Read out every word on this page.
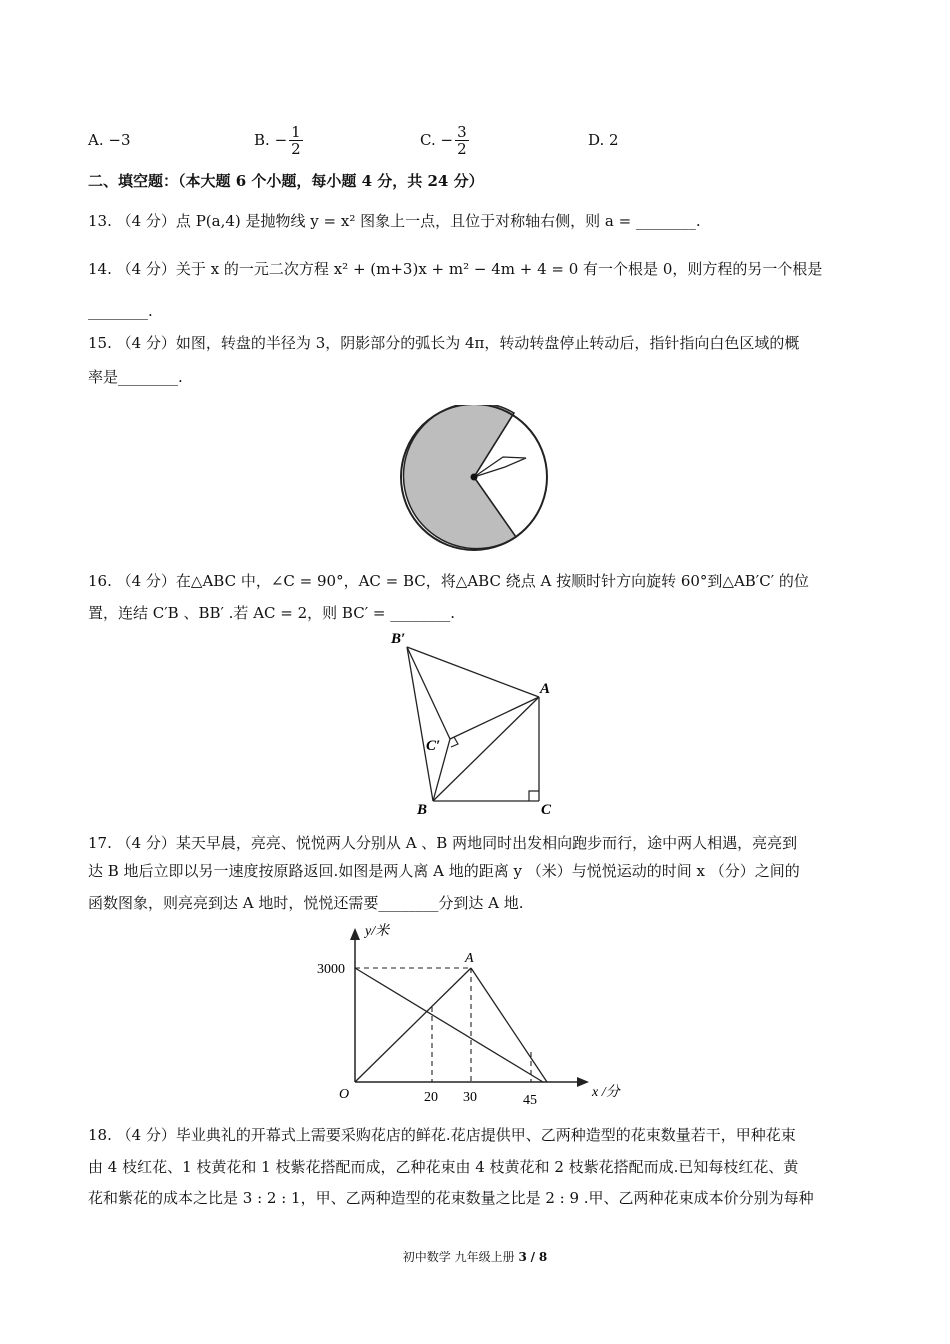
A.
− 3	B.
− $\frac{1}{2}$	C.
− $\frac{3}{2}$	D.
2
二、填空题：（本大题 6 个小题，每小题 4 分，共 24 分）
13. （4 分）点 P(a,4) 是抛物线 y = x² 图象上一点，且位于对称轴右侧，则 a = ________.
14. （4 分）关于 x 的一元二次方程 x² + (m+3)x + m² − 4m + 4 = 0 有一个根是 0，则方程的另一个根是
________.
15. （4 分）如图，转盘的半径为 3，阴影部分的弧长为 4π，转动转盘停止转动后，指针指向白色区域的概
率是________.
16. （4 分）在△ABC 中，∠C = 90°，AC = BC，将△ABC 绕点 A 按顺时针方向旋转 60°到△AB′C′ 的位
置，连结 C′B 、BB′ .若 AC = 2，则 BC′ = ________.
B′
A
C′
B	C
17. （4 分）某天早晨，亮亮、悦悦两人分别从 A 、B 两地同时出发相向跑步而行，途中两人相遇，亮亮到
达 B 地后立即以另一速度按原路返回.如图是两人离 A 地的距离 y （米）与悦悦运动的时间 x （分）之间的
函数图象，则亮亮到达 A 地时，悦悦还需要________分到达 A 地.
y/米
x /分
O
3000
A
20 30	45
18. （4 分）毕业典礼的开幕式上需要采购花店的鲜花.花店提供甲、乙两种造型的花束数量若干，甲种花束
由 4 枝红花、1 枝黄花和 1 枝紫花搭配而成，乙种花束由 4 枝黄花和 2 枝紫花搭配而成.已知每枝红花、黄
花和紫花的成本之比是 3 : 2 : 1，甲、乙两种造型的花束数量之比是 2 : 9 .甲、乙两种花束成本价分别为每种
初中数学 九年级上册 3 / 8
